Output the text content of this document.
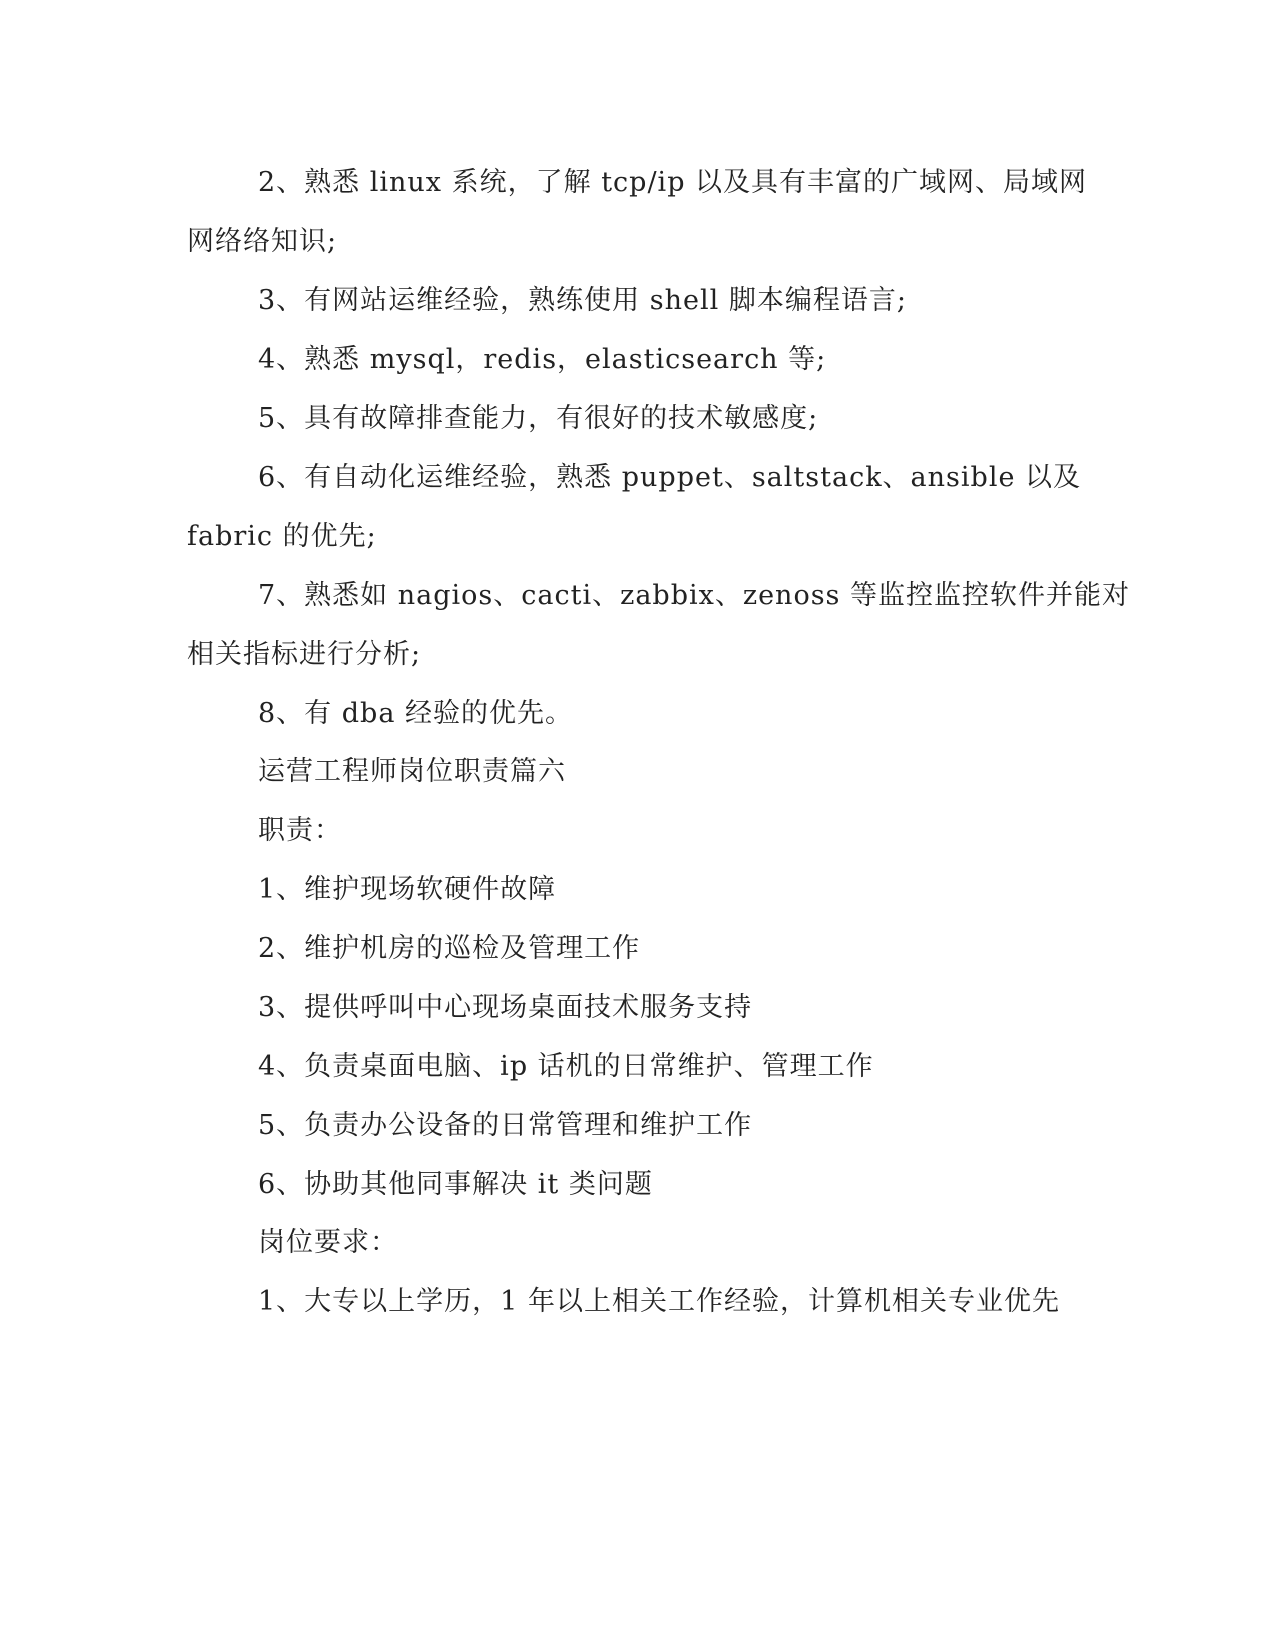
2、熟悉 linux 系统，了解 tcp/ip 以及具有丰富的广域网、局域网
网络络知识;
3、有网站运维经验，熟练使用 shell 脚本编程语言;
4、熟悉 mysql，redis，elasticsearch 等;
5、具有故障排查能力，有很好的技术敏感度;
6、有自动化运维经验，熟悉 puppet、saltstack、ansible 以及
fabric 的优先;
7、熟悉如 nagios、cacti、zabbix、zenoss 等监控监控软件并能对
相关指标进行分析;
8、有 dba 经验的优先。
运营工程师岗位职责篇六
职责：
1、维护现场软硬件故障
2、维护机房的巡检及管理工作
3、提供呼叫中心现场桌面技术服务支持
4、负责桌面电脑、ip 话机的日常维护、管理工作
5、负责办公设备的日常管理和维护工作
6、协助其他同事解决 it 类问题
岗位要求：
1、大专以上学历，1 年以上相关工作经验，计算机相关专业优先
